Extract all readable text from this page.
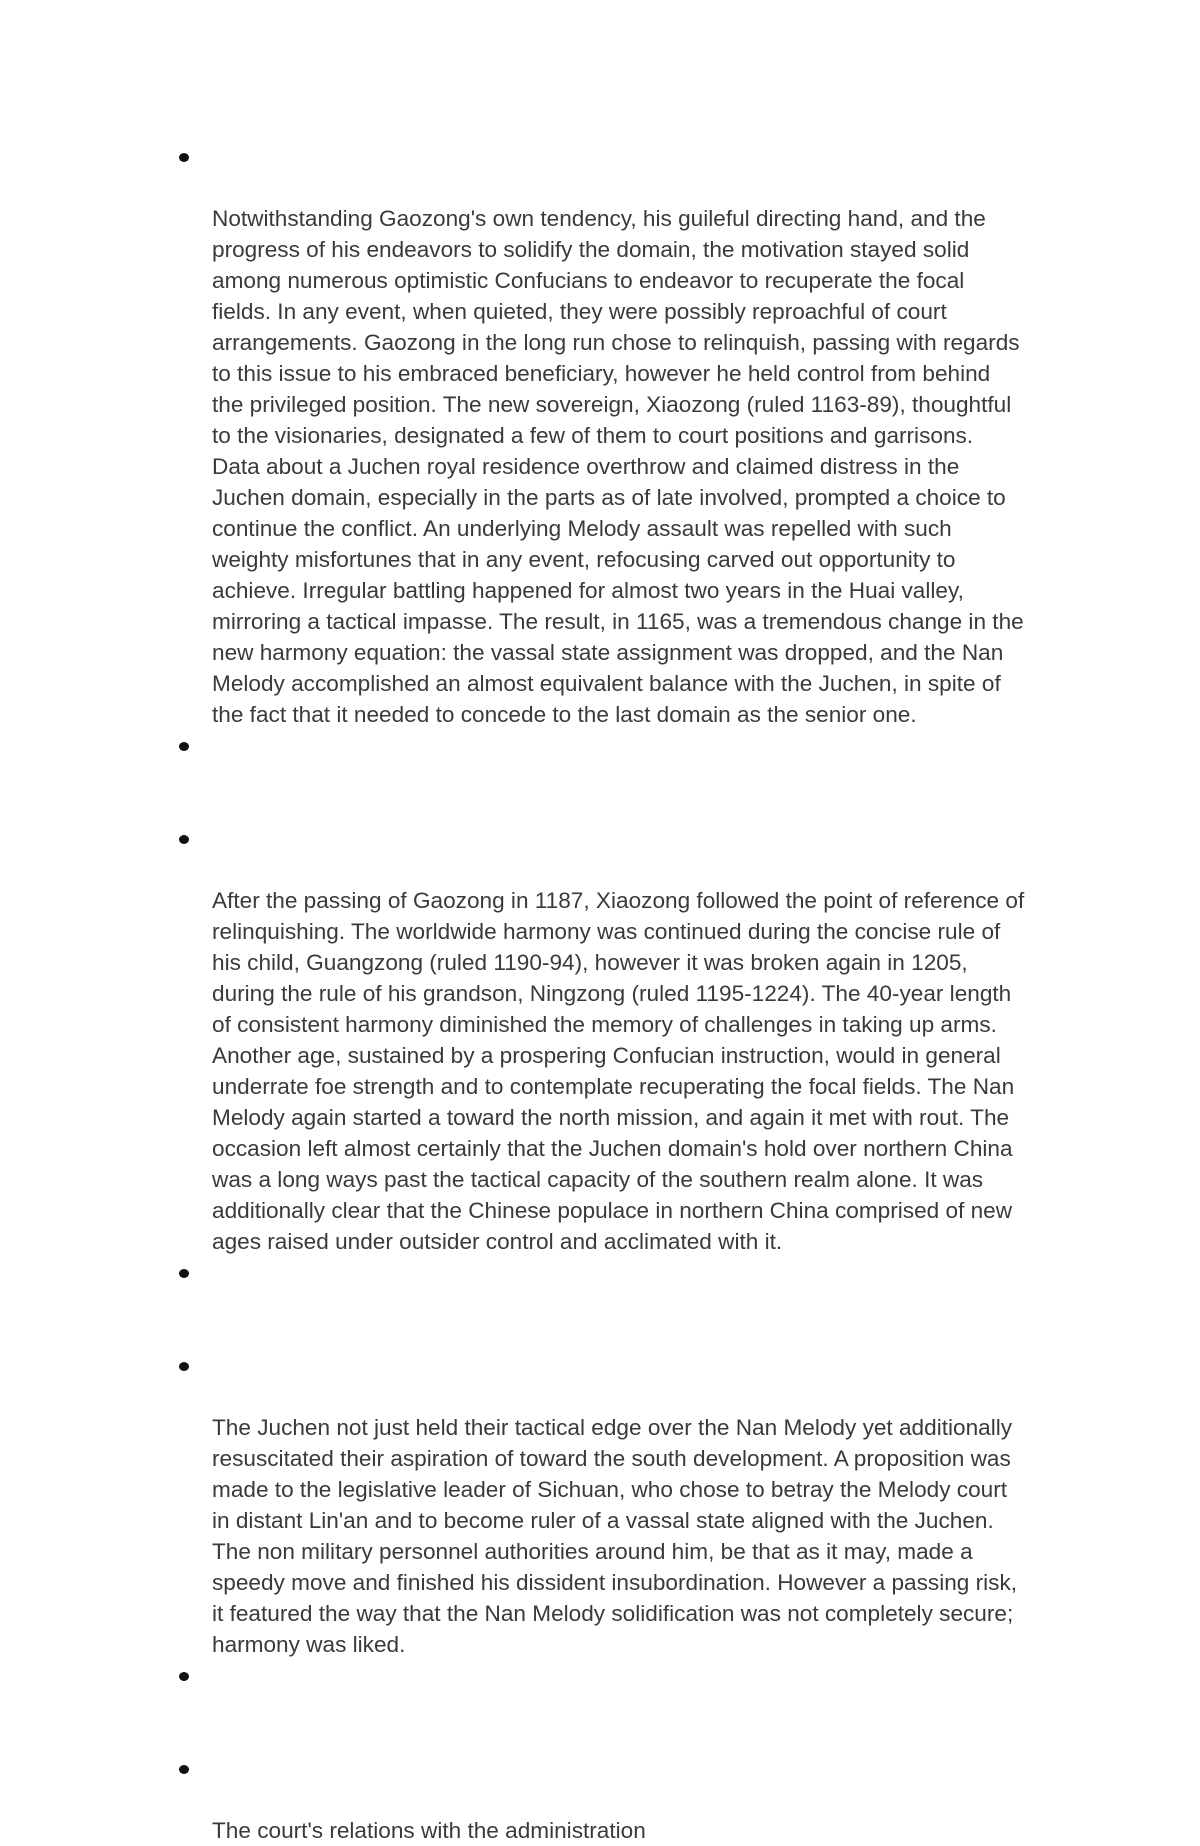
Notwithstanding Gaozong's own tendency, his guileful directing hand, and the
progress of his endeavors to solidify the domain, the motivation stayed solid
among numerous optimistic Confucians to endeavor to recuperate the focal
fields. In any event, when quieted, they were possibly reproachful of court
arrangements. Gaozong in the long run chose to relinquish, passing with regards
to this issue to his embraced beneficiary, however he held control from behind
the privileged position. The new sovereign, Xiaozong (ruled 1163-89), thoughtful
to the visionaries, designated a few of them to court positions and garrisons.
Data about a Juchen royal residence overthrow and claimed distress in the
Juchen domain, especially in the parts as of late involved, prompted a choice to
continue the conflict. An underlying Melody assault was repelled with such
weighty misfortunes that in any event, refocusing carved out opportunity to
achieve. Irregular battling happened for almost two years in the Huai valley,
mirroring a tactical impasse. The result, in 1165, was a tremendous change in the
new harmony equation: the vassal state assignment was dropped, and the Nan
Melody accomplished an almost equivalent balance with the Juchen, in spite of
the fact that it needed to concede to the last domain as the senior one.

After the passing of Gaozong in 1187, Xiaozong followed the point of reference of
relinquishing. The worldwide harmony was continued during the concise rule of
his child, Guangzong (ruled 1190-94), however it was broken again in 1205,
during the rule of his grandson, Ningzong (ruled 1195-1224). The 40-year length
of consistent harmony diminished the memory of challenges in taking up arms.
Another age, sustained by a prospering Confucian instruction, would in general
underrate foe strength and to contemplate recuperating the focal fields. The Nan
Melody again started a toward the north mission, and again it met with rout. The
occasion left almost certainly that the Juchen domain's hold over northern China
was a long ways past the tactical capacity of the southern realm alone. It was
additionally clear that the Chinese populace in northern China comprised of new
ages raised under outsider control and acclimated with it.

The Juchen not just held their tactical edge over the Nan Melody yet additionally
resuscitated their aspiration of toward the south development. A proposition was
made to the legislative leader of Sichuan, who chose to betray the Melody court
in distant Lin'an and to become ruler of a vassal state aligned with the Juchen.
The non military personnel authorities around him, be that as it may, made a
speedy move and finished his dissident insubordination. However a passing risk,
it featured the way that the Nan Melody solidification was not completely secure;
harmony was liked.

The court's relations with the administration
